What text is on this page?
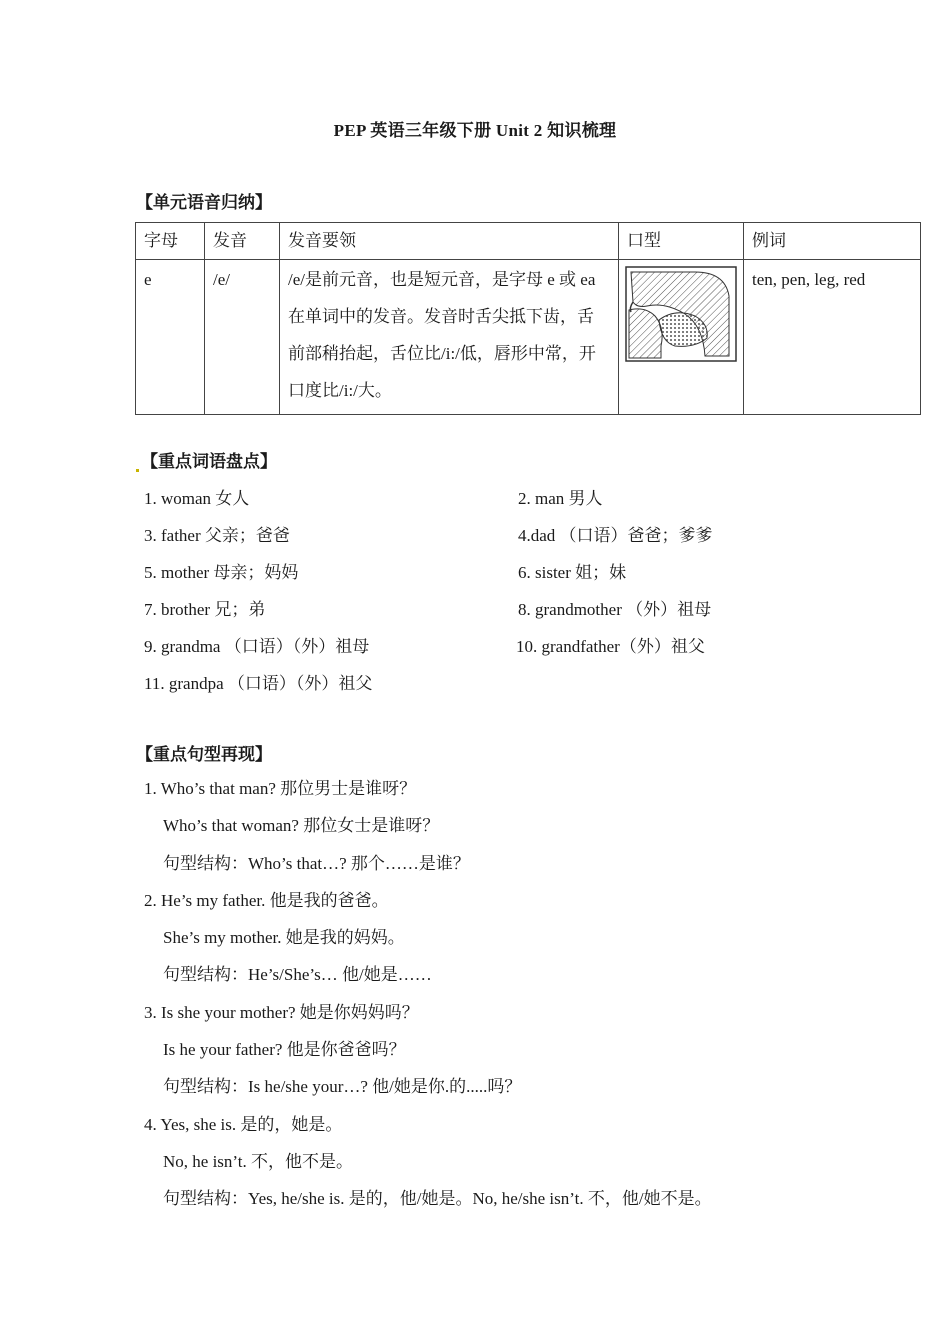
PEP 英语三年级下册 Unit 2 知识梳理
【单元语音归纳】
字母	发音	发音要领	口型	例词
e	/e/	/e/是前元音，也是短元音，是字母 e 或 ea 在单词中的发音。发音时舌尖抵下齿，舌前部稍抬起，舌位比/i:/低，唇形中常，开口度比/i:/大。		ten, pen, leg, red
【重点词语盘点】
1. woman 女人	2. man 男人
3. father 父亲；爸爸	4.dad （口语）爸爸；爹爹
5. mother 母亲；妈妈	6. sister 姐；妹
7. brother 兄；弟	8. grandmother （外）祖母
9. grandma （口语）（外）祖母	10. grandfather（外）祖父
11. grandpa （口语）（外）祖父
【重点句型再现】
1. Who’s that man? 那位男士是谁呀？
Who’s that woman? 那位女士是谁呀？
句型结构：Who’s that…? 那个……是谁？
2. He’s my father. 他是我的爸爸。
She’s my mother. 她是我的妈妈。
句型结构：He’s/She’s… 他/她是……
3. Is she your mother? 她是你妈妈吗？
Is he your father? 他是你爸爸吗？
句型结构：Is he/she your…? 他/她是你.的.....吗？
4. Yes, she is. 是的，她是。
No, he isn’t. 不，他不是。
句型结构：Yes, he/she is. 是的，他/她是。No, he/she isn’t. 不，他/她不是。
